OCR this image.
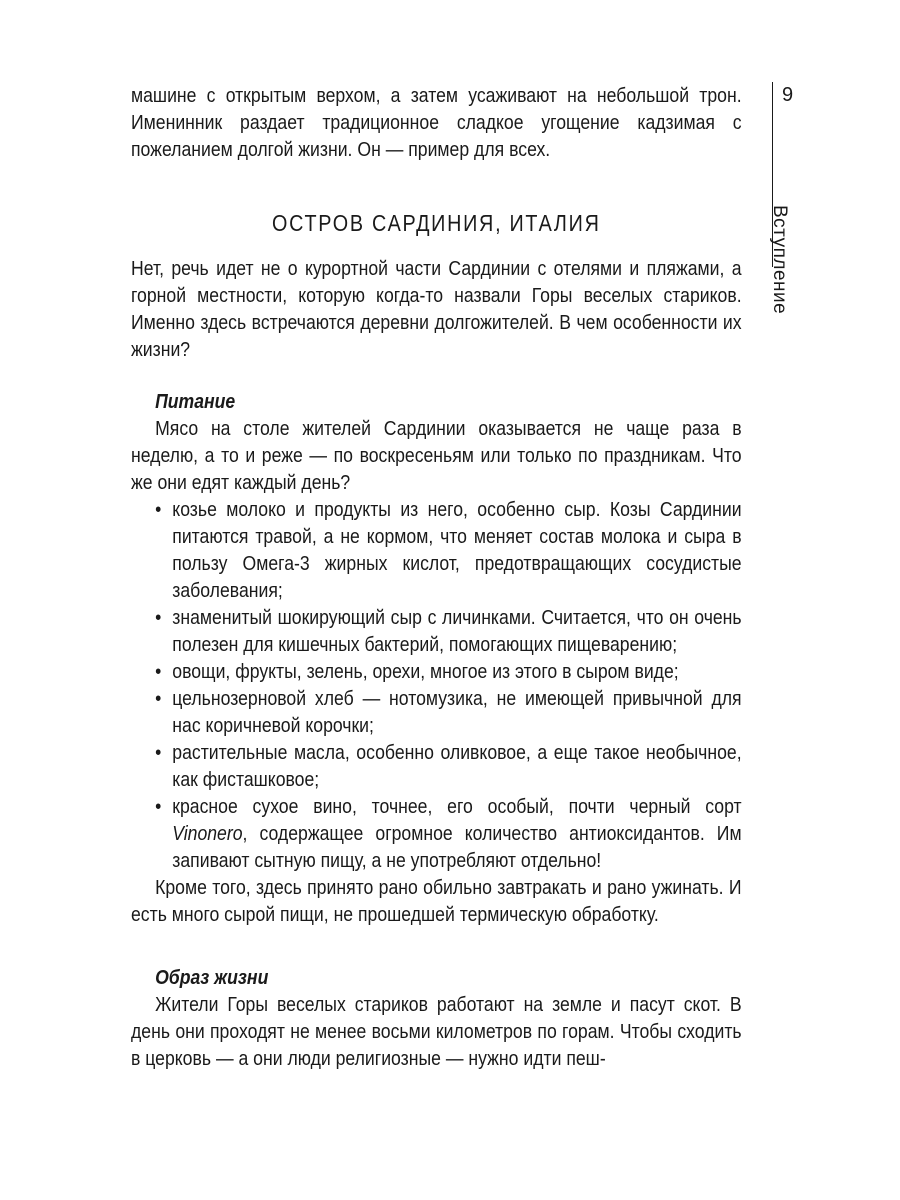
9
Вступление

машине с открытым верхом, а затем усаживают на небольшой трон. Именинник раздает традиционное сладкое угощение кадзимая с пожеланием долгой жизни. Он — пример для всех.

ОСТРОВ САРДИНИЯ, ИТАЛИЯ

Нет, речь идет не о курортной части Сардинии с отелями и пляжами, а горной местности, которую когда-то назвали Горы веселых стариков. Именно здесь встречаются деревни долгожителей. В чем особенности их жизни?

Питание

Мясо на столе жителей Сардинии оказывается не чаще раза в неделю, а то и реже — по воскресеньям или только по праздникам. Что же они едят каждый день?

• козье молоко и продукты из него, особенно сыр. Козы Сардинии питаются травой, а не кормом, что меняет состав молока и сыра в пользу Омега-3 жирных кислот, предотвращающих сосудистые заболевания;
• знаменитый шокирующий сыр с личинками. Считается, что он очень полезен для кишечных бактерий, помогающих пищеварению;
• овощи, фрукты, зелень, орехи, многое из этого в сыром виде;
• цельнозерновой хлеб — нотомузика, не имеющей привычной для нас коричневой корочки;
• растительные масла, особенно оливковое, а еще такое необычное, как фисташковое;
• красное сухое вино, точнее, его особый, почти черный сорт Vinonero, содержащее огромное количество антиоксидантов. Им запивают сытную пищу, а не употребляют отдельно!

Кроме того, здесь принято рано обильно завтракать и рано ужинать. И есть много сырой пищи, не прошедшей термическую обработку.

Образ жизни

Жители Горы веселых стариков работают на земле и пасут скот. В день они проходят не менее восьми километров по горам. Чтобы сходить в церковь — а они люди религиозные — нужно идти пеш-
